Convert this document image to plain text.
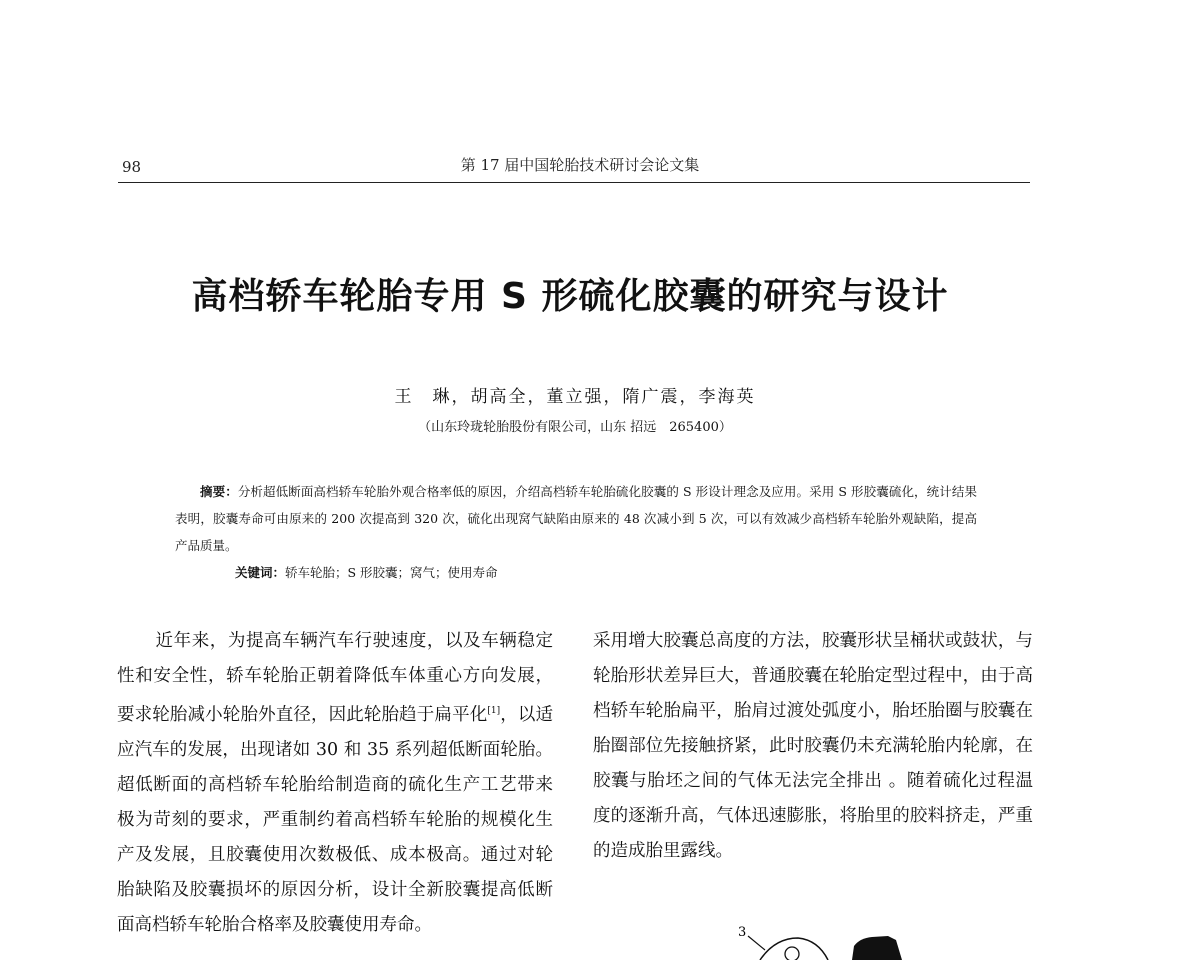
98	第 17 届中国轮胎技术研讨会论文集
高档轿车轮胎专用 S 形硫化胶囊的研究与设计
王　琳，胡高全，董立强，隋广震，李海英
（山东玲珑轮胎股份有限公司，山东 招远　265400）

摘要：分析超低断面高档轿车轮胎外观合格率低的原因，介绍高档轿车轮胎硫化胶囊的 S 形设计理念及应用。采用 S 形胶囊硫化，统计结果表明，胶囊寿命可由原来的 200 次提高到 320 次，硫化出现窝气缺陷由原来的 48 次减小到 5 次，可以有效减少高档轿车轮胎外观缺陷，提高产品质量。

关键词：轿车轮胎；S 形胶囊；窝气；使用寿命

近年来，为提高车辆汽车行驶速度，以及车辆稳定性和安全性，轿车轮胎正朝着降低车体重心方向发展，要求轮胎减小轮胎外直径，因此轮胎趋于扁平化[1]，以适应汽车的发展，出现诸如 30 和 35 系列超低断面轮胎。超低断面的高档轿车轮胎给制造商的硫化生产工艺带来极为苛刻的要求，严重制约着高档轿车轮胎的规模化生产及发展，且胶囊使用次数极低、成本极高。通过对轮胎缺陷及胶囊损坏的原因分析，设计全新胶囊提高低断面高档轿车轮胎合格率及胶囊使用寿命。

采用增大胶囊总高度的方法，胶囊形状呈桶状或鼓状，与轮胎形状差异巨大，普通胶囊在轮胎定型过程中，由于高档轿车轮胎扁平，胎肩过渡处弧度小，胎坯胎圈与胶囊在胎圈部位先接触挤紧，此时胶囊仍未充满轮胎内轮廓，在胶囊与胎坯之间的气体无法完全排出 。随着硫化过程温度的逐渐升高，气体迅速膨胀，将胎里的胶料挤走，严重的造成胎里露线。

3
